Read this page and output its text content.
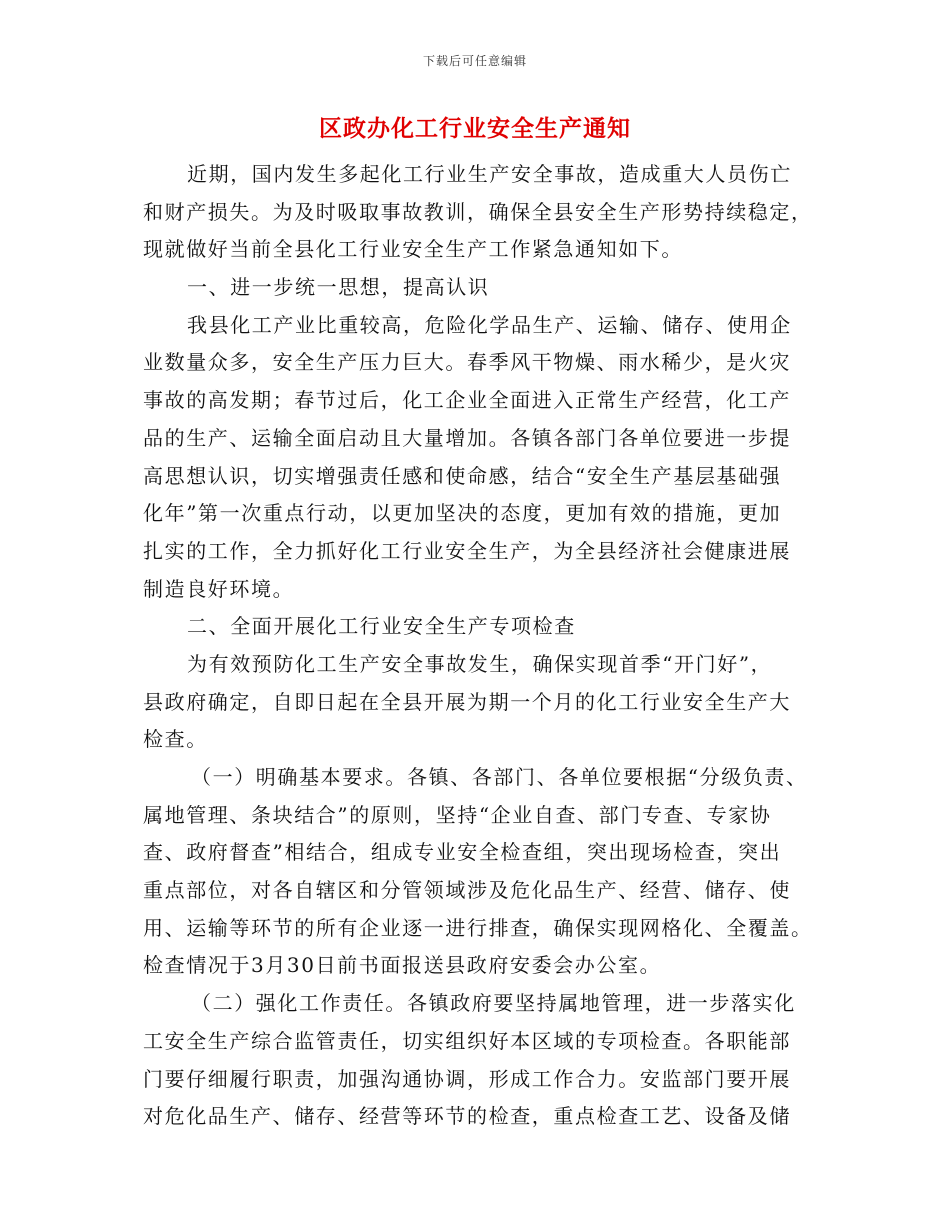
下载后可任意编辑
区政办化工行业安全生产通知
近期，国内发生多起化工行业生产安全事故，造成重大人员伤亡
和财产损失。为及时吸取事故教训，确保全县安全生产形势持续稳定，
现就做好当前全县化工行业安全生产工作紧急通知如下。
一、进一步统一思想，提高认识
我县化工产业比重较高，危险化学品生产、运输、储存、使用企
业数量众多，安全生产压力巨大。春季风干物燥、雨水稀少，是火灾
事故的高发期；春节过后，化工企业全面进入正常生产经营，化工产
品的生产、运输全面启动且大量增加。各镇各部门各单位要进一步提
高思想认识，切实增强责任感和使命感，结合“安全生产基层基础强
化年”第一次重点行动，以更加坚决的态度，更加有效的措施，更加
扎实的工作，全力抓好化工行业安全生产，为全县经济社会健康进展
制造良好环境。
二、全面开展化工行业安全生产专项检查
为有效预防化工生产安全事故发生，确保实现首季“开门好”，
县政府确定，自即日起在全县开展为期一个月的化工行业安全生产大
检查。
（一）明确基本要求。各镇、各部门、各单位要根据“分级负责、
属地管理、条块结合”的原则，坚持“企业自查、部门专查、专家协
查、政府督查”相结合，组成专业安全检查组，突出现场检查，突出
重点部位，对各自辖区和分管领域涉及危化品生产、经营、储存、使
用、运输等环节的所有企业逐一进行排查，确保实现网格化、全覆盖。
检查情况于3月30日前书面报送县政府安委会办公室。
（二）强化工作责任。各镇政府要坚持属地管理，进一步落实化
工安全生产综合监管责任，切实组织好本区域的专项检查。各职能部
门要仔细履行职责，加强沟通协调，形成工作合力。安监部门要开展
对危化品生产、储存、经营等环节的检查，重点检查工艺、设备及储
